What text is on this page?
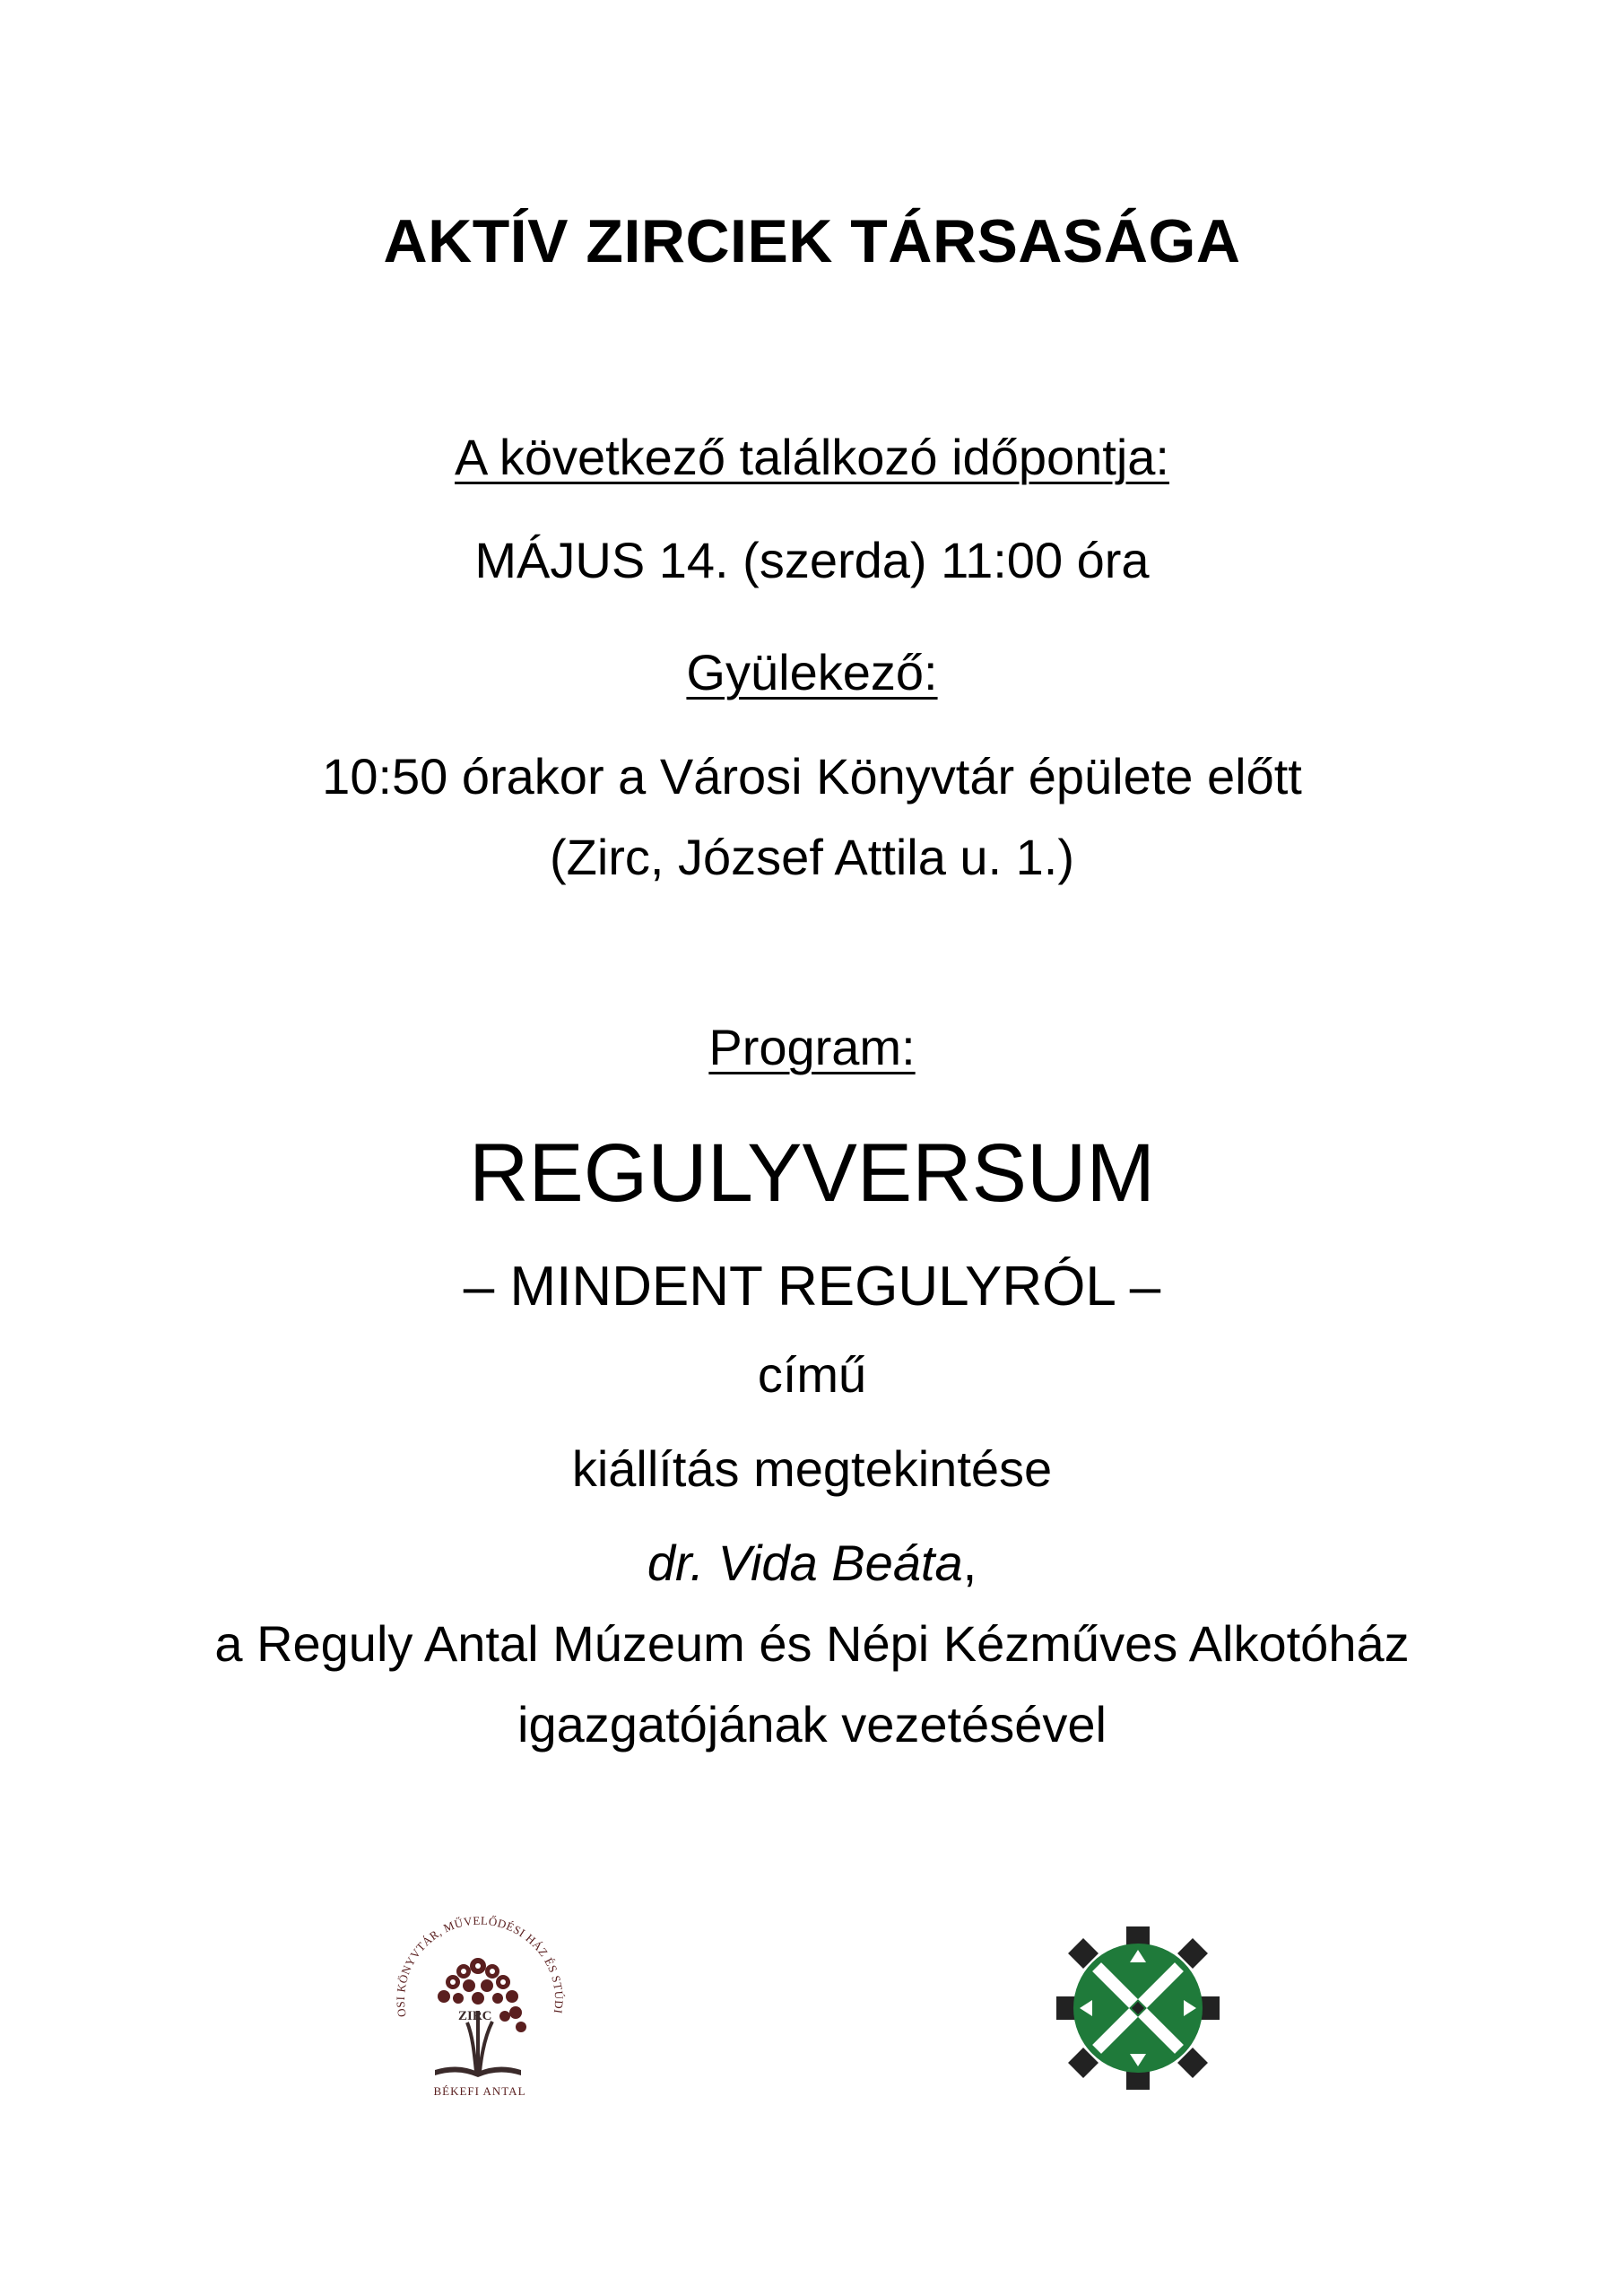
AKTÍV ZIRCIEK TÁRSASÁGA
A következő találkozó időpontja:
MÁJUS 14. (szerda) 11:00 óra
Gyülekező:
10:50 órakor a Városi Könyvtár épülete előtt
(Zirc, József Attila u. 1.)
Program:
REGULYVERSUM
– MINDENT REGULYRÓL –
című
kiállítás megtekintése
dr. Vida Beáta,
a Reguly Antal Múzeum és Népi Kézműves Alkotóház
igazgatójának vezetésével
OSI KÖNYVTÁR, MŰVELŐDÉSI HÁZ ÉS STÚDI
ZIRC
BÉKEFI ANTAL
